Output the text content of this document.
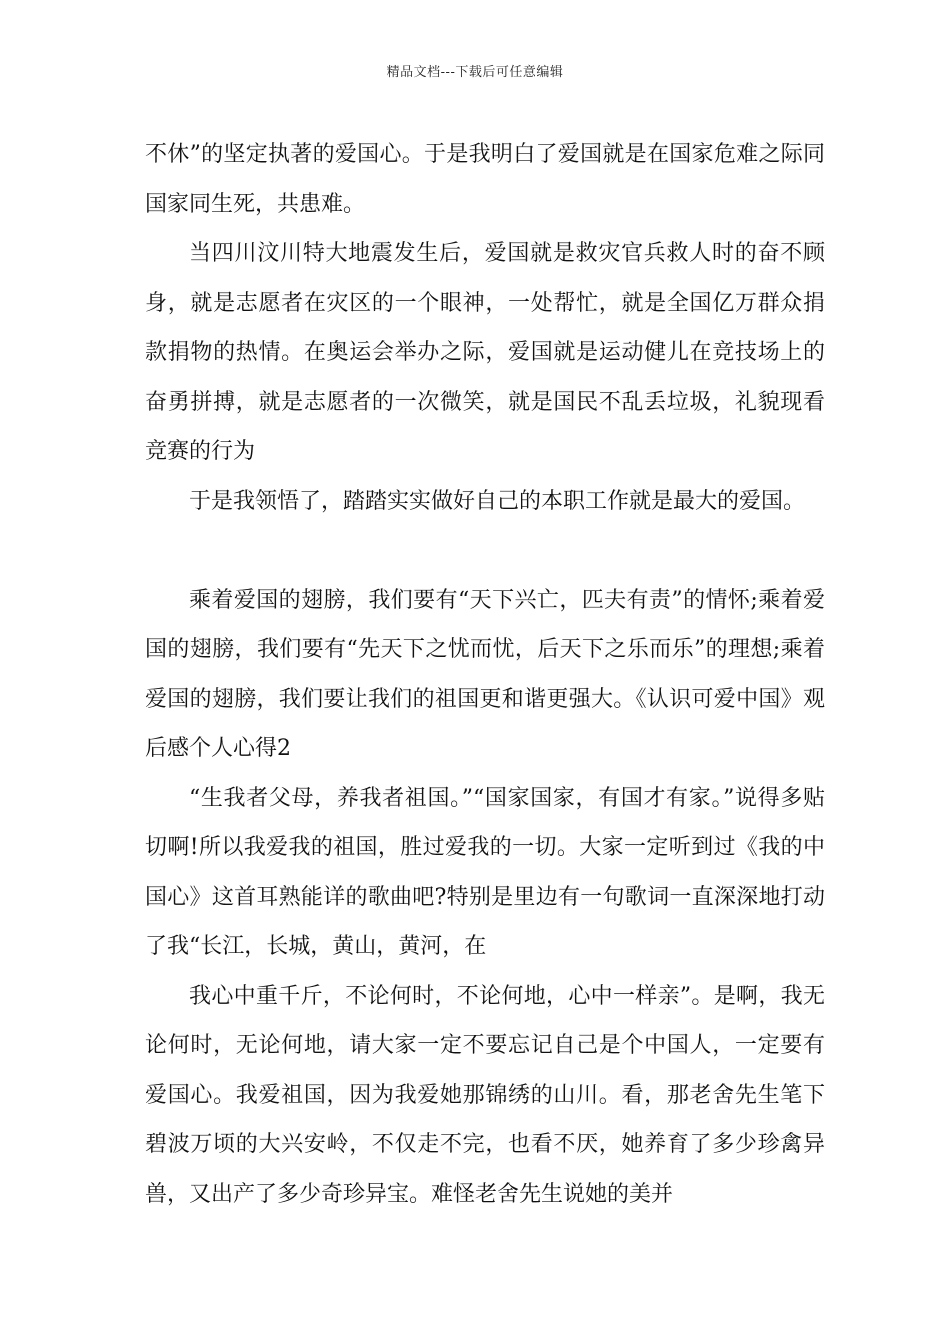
精品文档---下载后可任意编辑

不休”的坚定执著的爱国心。于是我明白了爱国就是在国家危难之际同国家同生死，共患难。

当四川汶川特大地震发生后，爱国就是救灾官兵救人时的奋不顾身，就是志愿者在灾区的一个眼神，一处帮忙，就是全国亿万群众捐款捐物的热情。在奥运会举办之际，爱国就是运动健儿在竞技场上的奋勇拼搏，就是志愿者的一次微笑，就是国民不乱丢垃圾，礼貌现看竞赛的行为

于是我领悟了，踏踏实实做好自己的本职工作就是最大的爱国。

乘着爱国的翅膀，我们要有“天下兴亡，匹夫有责”的情怀;乘着爱国的翅膀，我们要有“先天下之忧而忧，后天下之乐而乐”的理想;乘着爱国的翅膀，我们要让我们的祖国更和谐更强大。《认识可爱中国》观后感个人心得2

“生我者父母，养我者祖国。”“国家国家，有国才有家。”说得多贴切啊!所以我爱我的祖国，胜过爱我的一切。大家一定听到过《我的中国心》这首耳熟能详的歌曲吧?特别是里边有一句歌词一直深深地打动了我“长江，长城，黄山，黄河，在

我心中重千斤，不论何时，不论何地，心中一样亲”。是啊，我无论何时，无论何地，请大家一定不要忘记自己是个中国人，一定要有爱国心。我爱祖国，因为我爱她那锦绣的山川。看，那老舍先生笔下碧波万顷的大兴安岭，不仅走不完，也看不厌，她养育了多少珍禽异兽，又出产了多少奇珍异宝。难怪老舍先生说她的美并
